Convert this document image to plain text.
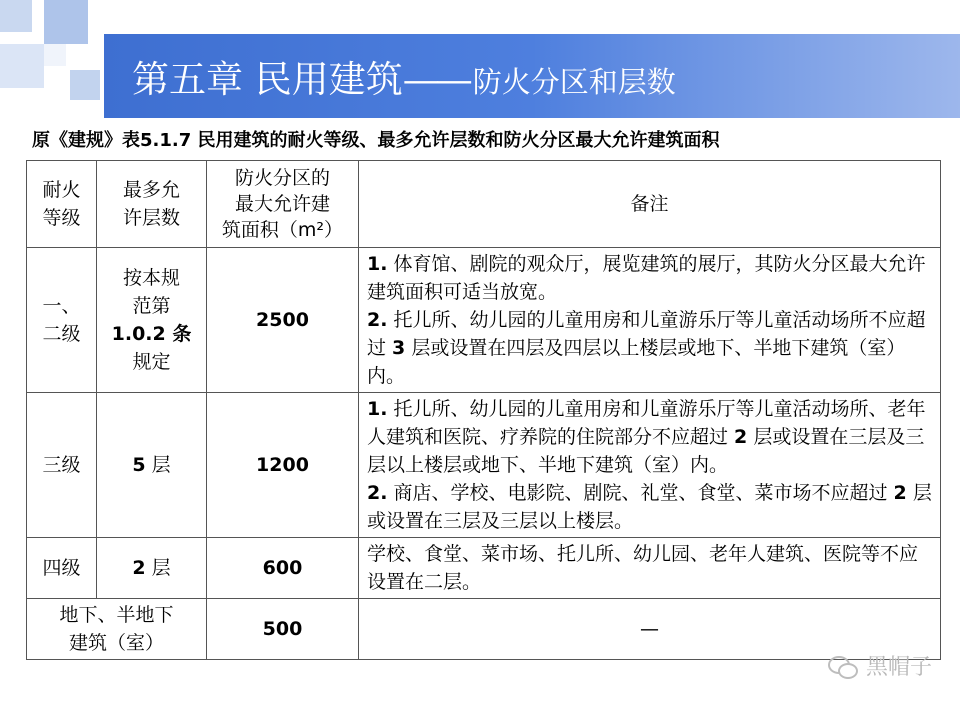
第五章 民用建筑—— 防火分区和层数
原《建规》表5.1.7 民用建筑的耐火等级、最多允许层数和防火分区最大允许建筑面积
耐火
等级	最多允
许层数	防火分区的
最大允许建
筑面积（m²）	备注

一、
二级	按本规
范第
1.0.2 条
规定	2500	1. 体育馆、剧院的观众厅，展览建筑的展厅，其防火分区最大允许建筑面积可适当放宽。
2. 托儿所、幼儿园的儿童用房和儿童游乐厅等儿童活动场所不应超过 3 层或设置在四层及四层以上楼层或地下、半地下建筑（室）内。

三级	5 层	1200	1. 托儿所、幼儿园的儿童用房和儿童游乐厅等儿童活动场所、老年人建筑和医院、疗养院的住院部分不应超过 2 层或设置在三层及三层以上楼层或地下、半地下建筑（室）内。
2. 商店、学校、电影院、剧院、礼堂、食堂、菜市场不应超过 2 层或设置在三层及三层以上楼层。

四级	2 层	600	学校、食堂、菜市场、托儿所、幼儿园、老年人建筑、医院等不应设置在二层。

地下、半地下
建筑（室）		500	—
黑帽子
